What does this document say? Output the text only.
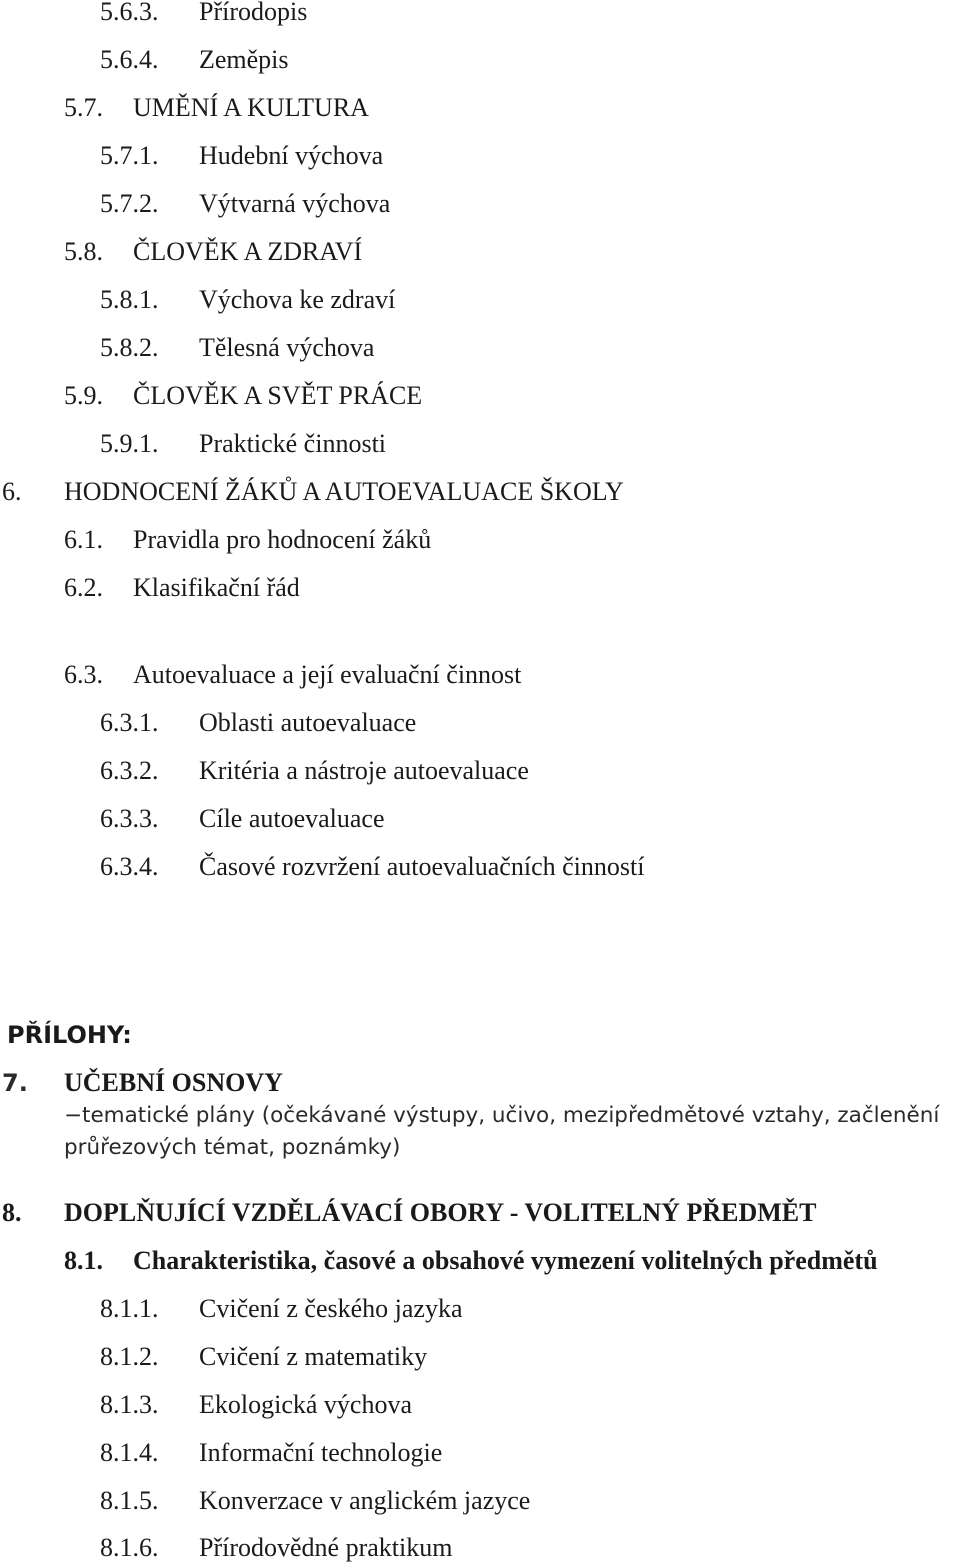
5.6.3. Přírodopis
5.6.4. Zeměpis
5.7. UMĚNÍ A KULTURA
5.7.1. Hudební výchova
5.7.2. Výtvarná výchova
5.8. ČLOVĚK A ZDRAVÍ
5.8.1. Výchova ke zdraví
5.8.2. Tělesná výchova
5.9. ČLOVĚK A SVĚT PRÁCE
5.9.1. Praktické činnosti
6. HODNOCENÍ ŽÁKŮ A AUTOEVALUACE ŠKOLY
6.1. Pravidla pro hodnocení žáků
6.2. Klasifikační řád
6.3. Autoevaluace a její evaluační činnost
6.3.1. Oblasti autoevaluace
6.3.2. Kritéria a nástroje autoevaluace
6.3.3. Cíle autoevaluace
6.3.4. Časové rozvržení autoevaluačních činností
PŘÍLOHY:
7. UČEBNÍ OSNOVY
−tematické plány (očekávané výstupy, učivo, mezipředmětové vztahy, začlenění průřezových témat, poznámky)
8. DOPLŇUJÍCÍ VZDĚLÁVACÍ OBORY - VOLITELNÝ PŘEDMĚT
8.1. Charakteristika, časové a obsahové vymezení volitelných předmětů
8.1.1. Cvičení z českého jazyka
8.1.2. Cvičení z matematiky
8.1.3. Ekologická výchova
8.1.4. Informační technologie
8.1.5. Konverzace v anglickém jazyce
8.1.6. Přírodovědné praktikum
